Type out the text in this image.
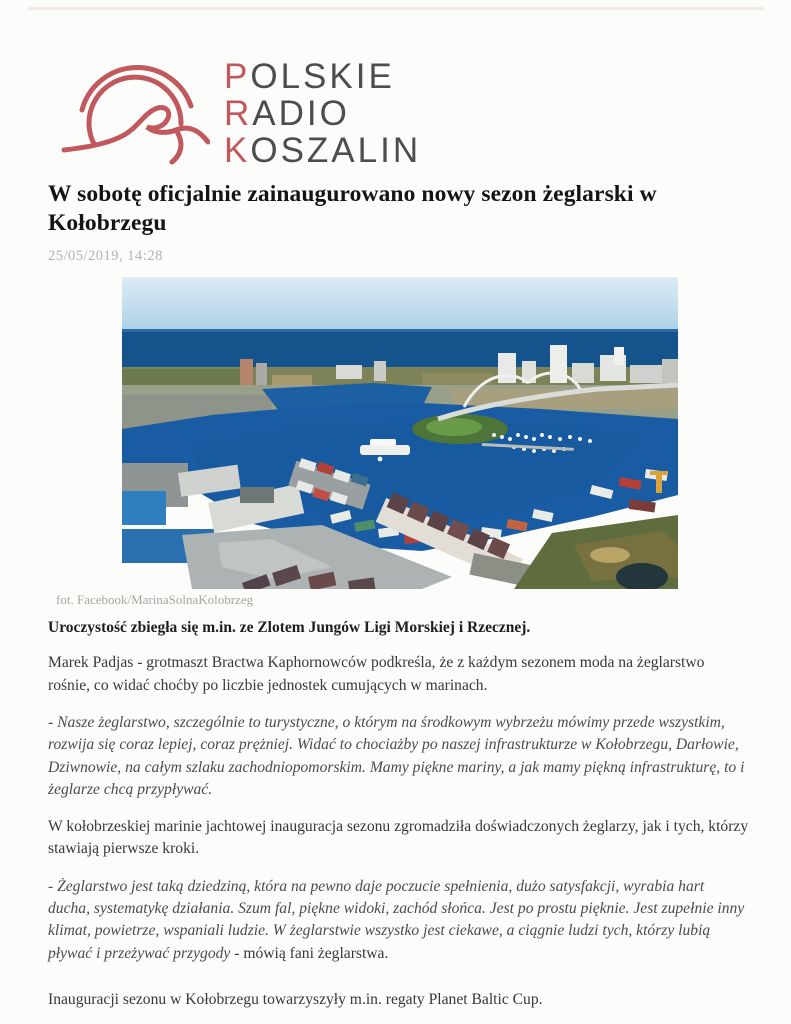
POLSKIE
RADIO
KOSZALIN
W sobotę oficjalnie zainaugurowano nowy sezon żeglarski w Kołobrzegu
25/05/2019, 14:28
fot. Facebook/MarinaSolnaKolobrzeg

Uroczystość zbiegła się m.in. ze Zlotem Jungów Ligi Morskiej i Rzecznej.

Marek Padjas - grotmaszt Bractwa Kaphornowców podkreśla, że z każdym sezonem moda na żeglarstwo rośnie, co widać choćby po liczbie jednostek cumujących w marinach.

- Nasze żeglarstwo, szczególnie to turystyczne, o którym na środkowym wybrzeżu mówimy przede wszystkim, rozwija się coraz lepiej, coraz prężniej. Widać to chociażby po naszej infrastrukturze w Kołobrzegu, Darłowie, Dziwnowie, na całym szlaku zachodniopomorskim. Mamy piękne mariny, a jak mamy piękną infrastrukturę, to i żeglarze chcą przypływać.

W kołobrzeskiej marinie jachtowej inauguracja sezonu zgromadziła doświadczonych żeglarzy, jak i tych, którzy stawiają pierwsze kroki.

- Żeglarstwo jest taką dziedziną, która na pewno daje poczucie spełnienia, dużo satysfakcji, wyrabia hart ducha, systematykę działania. Szum fal, piękne widoki, zachód słońca. Jest po prostu pięknie. Jest zupełnie inny klimat, powietrze, wspaniali ludzie. W żeglarstwie wszystko jest ciekawe, a ciągnie ludzi tych, którzy lubią pływać i przeżywać przygody - mówią fani żeglarstwa.

Inauguracji sezonu w Kołobrzegu towarzyszyły m.in. regaty Planet Baltic Cup.
